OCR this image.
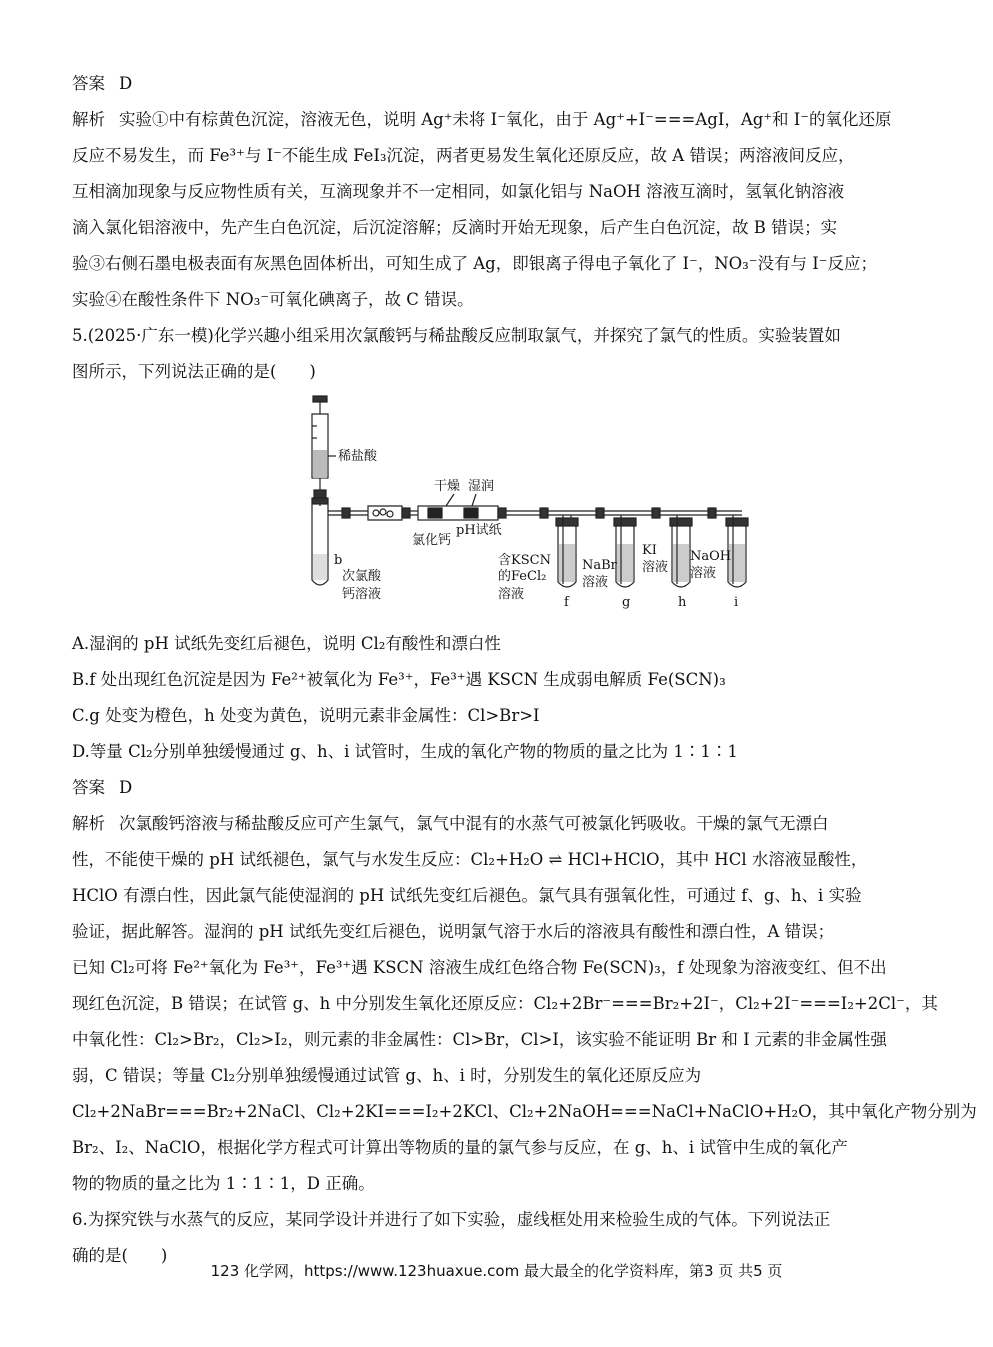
答案 D
解析 实验①中有棕黄色沉淀，溶液无色，说明 Ag⁺未将 I⁻氧化，由于 Ag⁺+I⁻===AgI，Ag⁺和 I⁻的氧化还原
反应不易发生，而 Fe³⁺与 I⁻不能生成 FeI₃沉淀，两者更易发生氧化还原反应，故 A 错误；两溶液间反应，
互相滴加现象与反应物性质有关，互滴现象并不一定相同，如氯化铝与 NaOH 溶液互滴时，氢氧化钠溶液
滴入氯化铝溶液中，先产生白色沉淀，后沉淀溶解；反滴时开始无现象，后产生白色沉淀，故 B 错误；实
验③右侧石墨电极表面有灰黑色固体析出，可知生成了 Ag，即银离子得电子氧化了 I⁻，NO₃⁻没有与 I⁻反应；
实验④在酸性条件下 NO₃⁻可氧化碘离子，故 C 错误。
5.(2025·广东一模)化学兴趣小组采用次氯酸钙与稀盐酸反应制取氯气，并探究了氯气的性质。实验装置如
图所示，下列说法正确的是(　　)
稀盐酸
干燥 湿润
pH试纸
氯化钙
b
次氯酸
钙溶液
含KSCN
的FeCl₂
溶液
NaBr
溶液
KI
溶液
NaOH
溶液
f	g	h	i
A.湿润的 pH 试纸先变红后褪色，说明 Cl₂有酸性和漂白性
B.f 处出现红色沉淀是因为 Fe²⁺被氧化为 Fe³⁺，Fe³⁺遇 KSCN 生成弱电解质 Fe(SCN)₃
C.g 处变为橙色，h 处变为黄色，说明元素非金属性：Cl>Br>I
D.等量 Cl₂分别单独缓慢通过 g、h、i 试管时，生成的氧化产物的物质的量之比为 1∶1∶1
答案 D
解析 次氯酸钙溶液与稀盐酸反应可产生氯气，氯气中混有的水蒸气可被氯化钙吸收。干燥的氯气无漂白
性，不能使干燥的 pH 试纸褪色，氯气与水发生反应：Cl₂+H₂O ⇌ HCl+HClO，其中 HCl 水溶液显酸性，
HClO 有漂白性，因此氯气能使湿润的 pH 试纸先变红后褪色。氯气具有强氧化性，可通过 f、g、h、i 实验
验证，据此解答。湿润的 pH 试纸先变红后褪色，说明氯气溶于水后的溶液具有酸性和漂白性，A 错误；
已知 Cl₂可将 Fe²⁺氧化为 Fe³⁺，Fe³⁺遇 KSCN 溶液生成红色络合物 Fe(SCN)₃，f 处现象为溶液变红、但不出
现红色沉淀，B 错误；在试管 g、h 中分别发生氧化还原反应：Cl₂+2Br⁻===Br₂+2I⁻，Cl₂+2I⁻===I₂+2Cl⁻，其
中氧化性：Cl₂>Br₂，Cl₂>I₂，则元素的非金属性：Cl>Br，Cl>I，该实验不能证明 Br 和 I 元素的非金属性强
弱，C 错误；等量 Cl₂分别单独缓慢通过试管 g、h、i 时，分别发生的氧化还原反应为
Cl₂+2NaBr===Br₂+2NaCl、Cl₂+2KI===I₂+2KCl、Cl₂+2NaOH===NaCl+NaClO+H₂O，其中氧化产物分别为
Br₂、I₂、NaClO，根据化学方程式可计算出等物质的量的氯气参与反应，在 g、h、i 试管中生成的氧化产
物的物质的量之比为 1∶1∶1，D 正确。
6.为探究铁与水蒸气的反应，某同学设计并进行了如下实验，虚线框处用来检验生成的气体。下列说法正
确的是(　　)
123 化学网，https://www.123huaxue.com 最大最全的化学资料库，第3 页 共5 页
